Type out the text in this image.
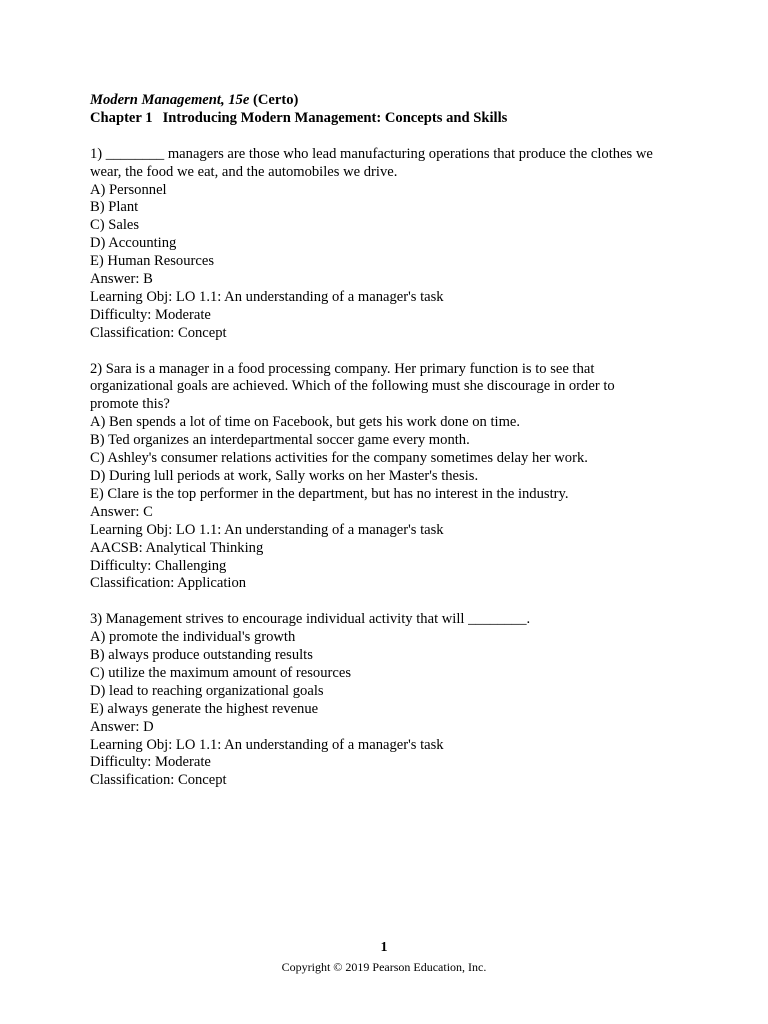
Modern Management, 15e (Certo)
Chapter 1 Introducing Modern Management: Concepts and Skills
1) ________ managers are those who lead manufacturing operations that produce the clothes we
wear, the food we eat, and the automobiles we drive.
A) Personnel
B) Plant
C) Sales
D) Accounting
E) Human Resources
Answer: B
Learning Obj: LO 1.1: An understanding of a manager's task
Difficulty: Moderate
Classification: Concept
2) Sara is a manager in a food processing company. Her primary function is to see that
organizational goals are achieved. Which of the following must she discourage in order to
promote this?
A) Ben spends a lot of time on Facebook, but gets his work done on time.
B) Ted organizes an interdepartmental soccer game every month.
C) Ashley's consumer relations activities for the company sometimes delay her work.
D) During lull periods at work, Sally works on her Master's thesis.
E) Clare is the top performer in the department, but has no interest in the industry.
Answer: C
Learning Obj: LO 1.1: An understanding of a manager's task
AACSB: Analytical Thinking
Difficulty: Challenging
Classification: Application
3) Management strives to encourage individual activity that will ________.
A) promote the individual's growth
B) always produce outstanding results
C) utilize the maximum amount of resources
D) lead to reaching organizational goals
E) always generate the highest revenue
Answer: D
Learning Obj: LO 1.1: An understanding of a manager's task
Difficulty: Moderate
Classification: Concept
1
Copyright © 2019 Pearson Education, Inc.
